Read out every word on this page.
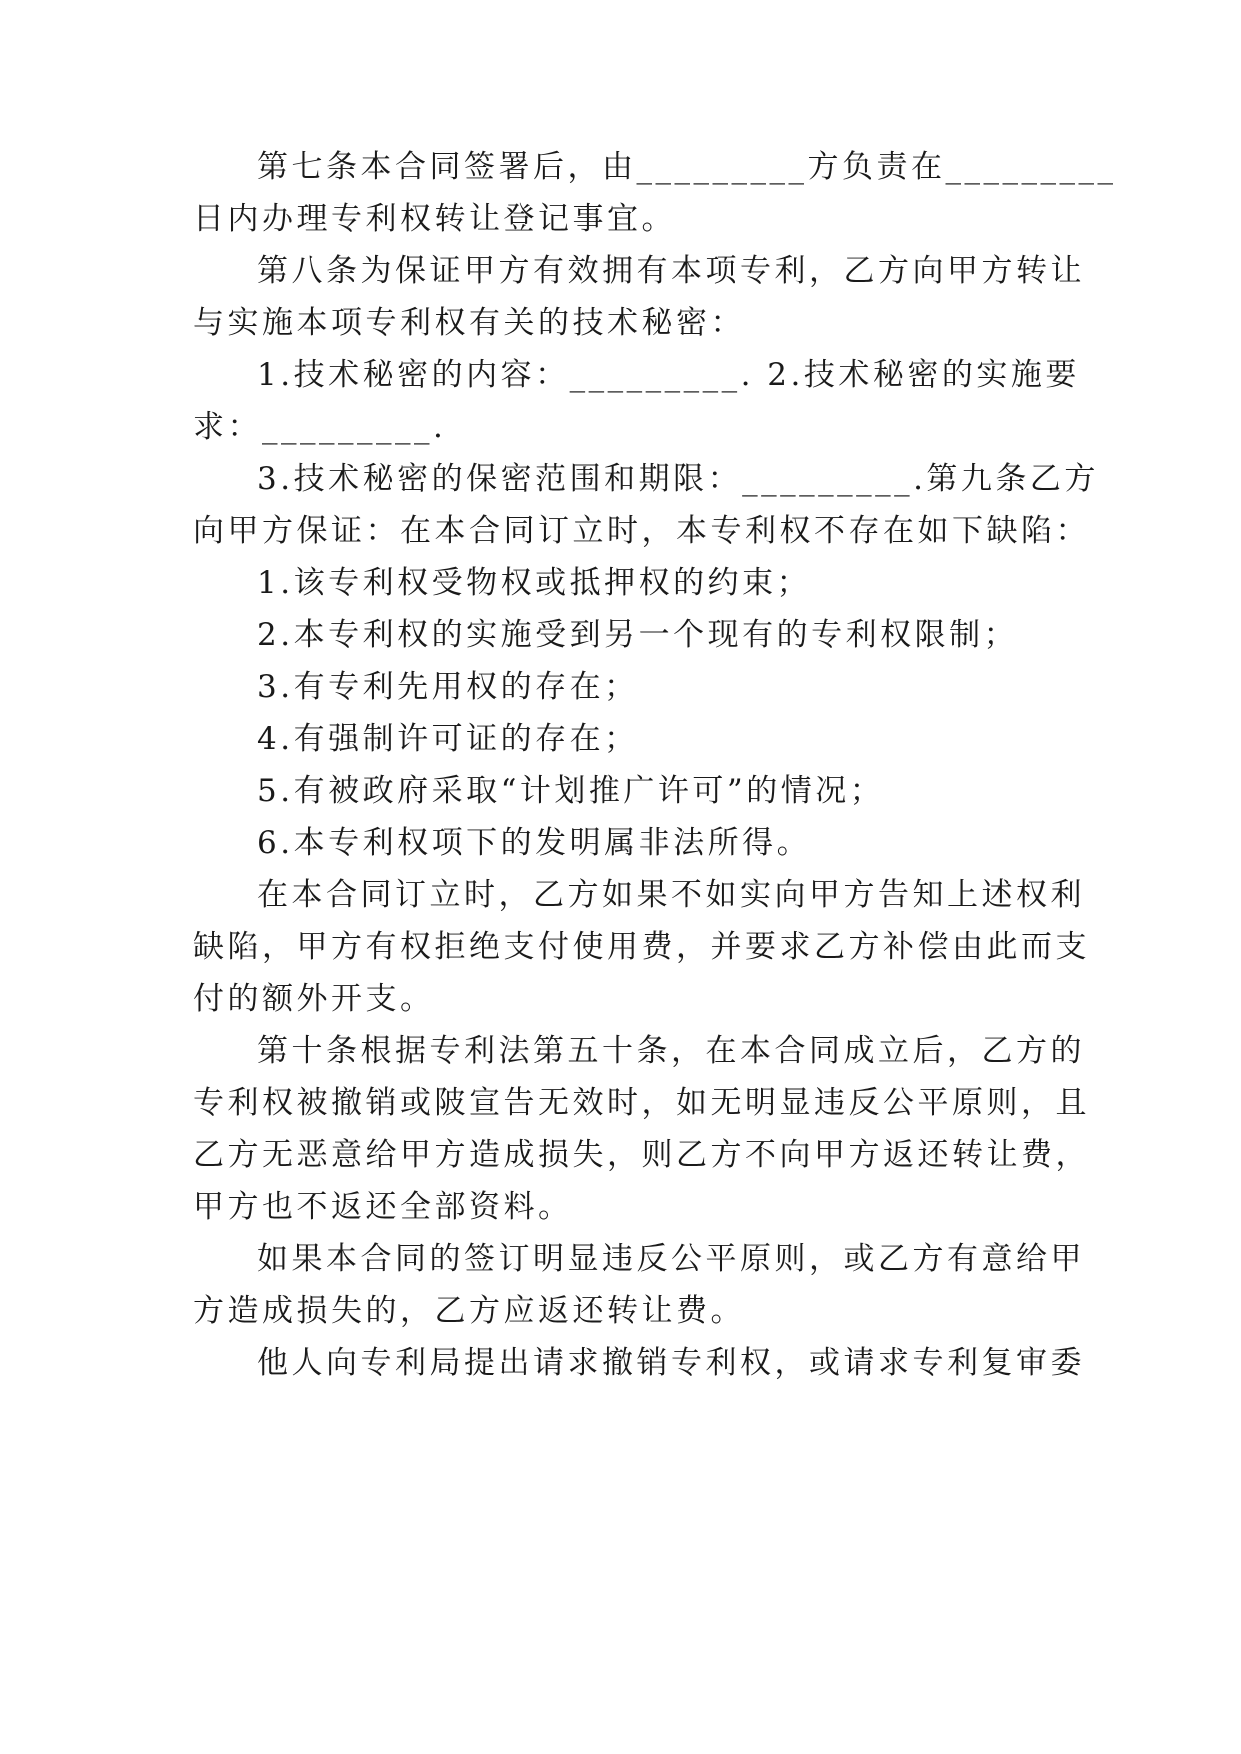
第七条本合同签署后，由_________方负责在_________
日内办理专利权转让登记事宜。
第八条为保证甲方有效拥有本项专利，乙方向甲方转让
与实施本项专利权有关的技术秘密：
1.技术秘密的内容：_________. 2.技术秘密的实施要
求：_________.
3.技术秘密的保密范围和期限：_________.第九条乙方
向甲方保证：在本合同订立时，本专利权不存在如下缺陷：
1.该专利权受物权或抵押权的约束；
2.本专利权的实施受到另一个现有的专利权限制；
3.有专利先用权的存在；
4.有强制许可证的存在；
5.有被政府采取“计划推广许可”的情况；
6.本专利权项下的发明属非法所得。
在本合同订立时，乙方如果不如实向甲方告知上述权利
缺陷，甲方有权拒绝支付使用费，并要求乙方补偿由此而支
付的额外开支。
第十条根据专利法第五十条，在本合同成立后，乙方的
专利权被撤销或陂宣告无效时，如无明显违反公平原则，且
乙方无恶意给甲方造成损失，则乙方不向甲方返还转让费，
甲方也不返还全部资料。
如果本合同的签订明显违反公平原则，或乙方有意给甲
方造成损失的，乙方应返还转让费。
他人向专利局提出请求撤销专利权，或请求专利复审委
